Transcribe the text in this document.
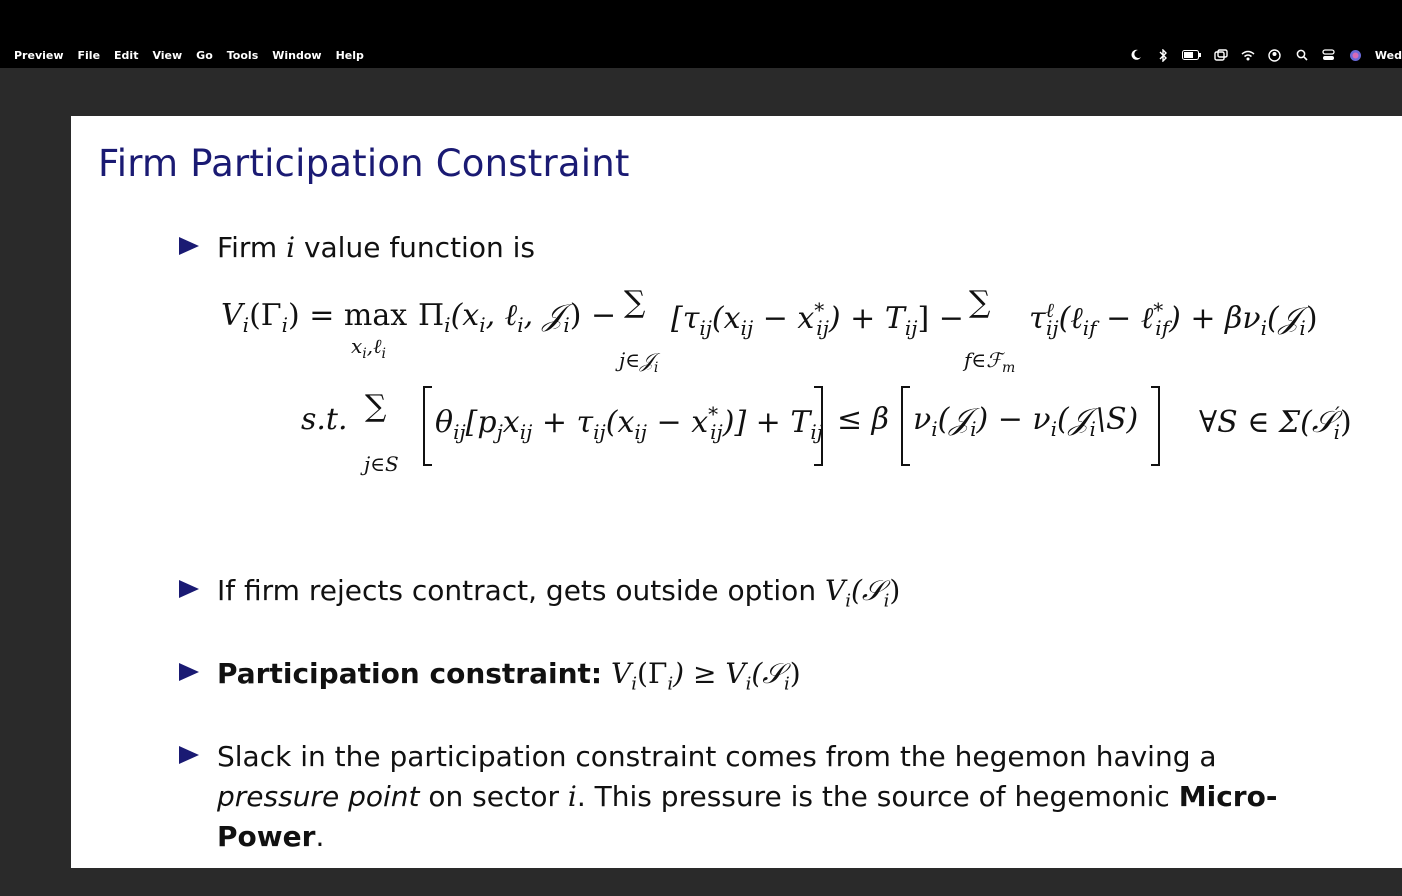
Preview File Edit View Go Tools Window Help	Wed
Firm Participation Constraint
Firm i value function is
$V_i(\Gamma_i) = \max$
$x_i,\ell_i$
$\Pi_i(x_i$, ℓ$_i$, 𝒥$_i$) − ∑
j∈𝒥$_i$
$[\tau_{ij}(x_{ij} - x^*_{ij}) + T_{ij}]$ − ∑
f∈ℱ$_m$
$\tau^\ell_{ij}(\ell_{if}$ − ℓ*$_{if}$) + $\beta\nu_i(𝒥_i)$
s.t. ∑
j∈S
$\theta_{ij}[p_jx_{ij} + \tau_{ij}(x_{ij} - x^*_{ij})] + T_{ij} \le \beta$ $\nu_i(𝒥_i)$ − $\nu_i(𝒥_i\backslash S)$ ∀S ∈ Σ(𝒮′$_i$)
If firm rejects contract, gets outside option $V_i(𝒮_i)$
Participation constraint: $V_i(\Gamma_i)$ ≥ $V_i(𝒮_i)$
Slack in the participation constraint comes from the hegemon having a pressure point on sector i. This pressure is the source of hegemonic Micro-Power.
